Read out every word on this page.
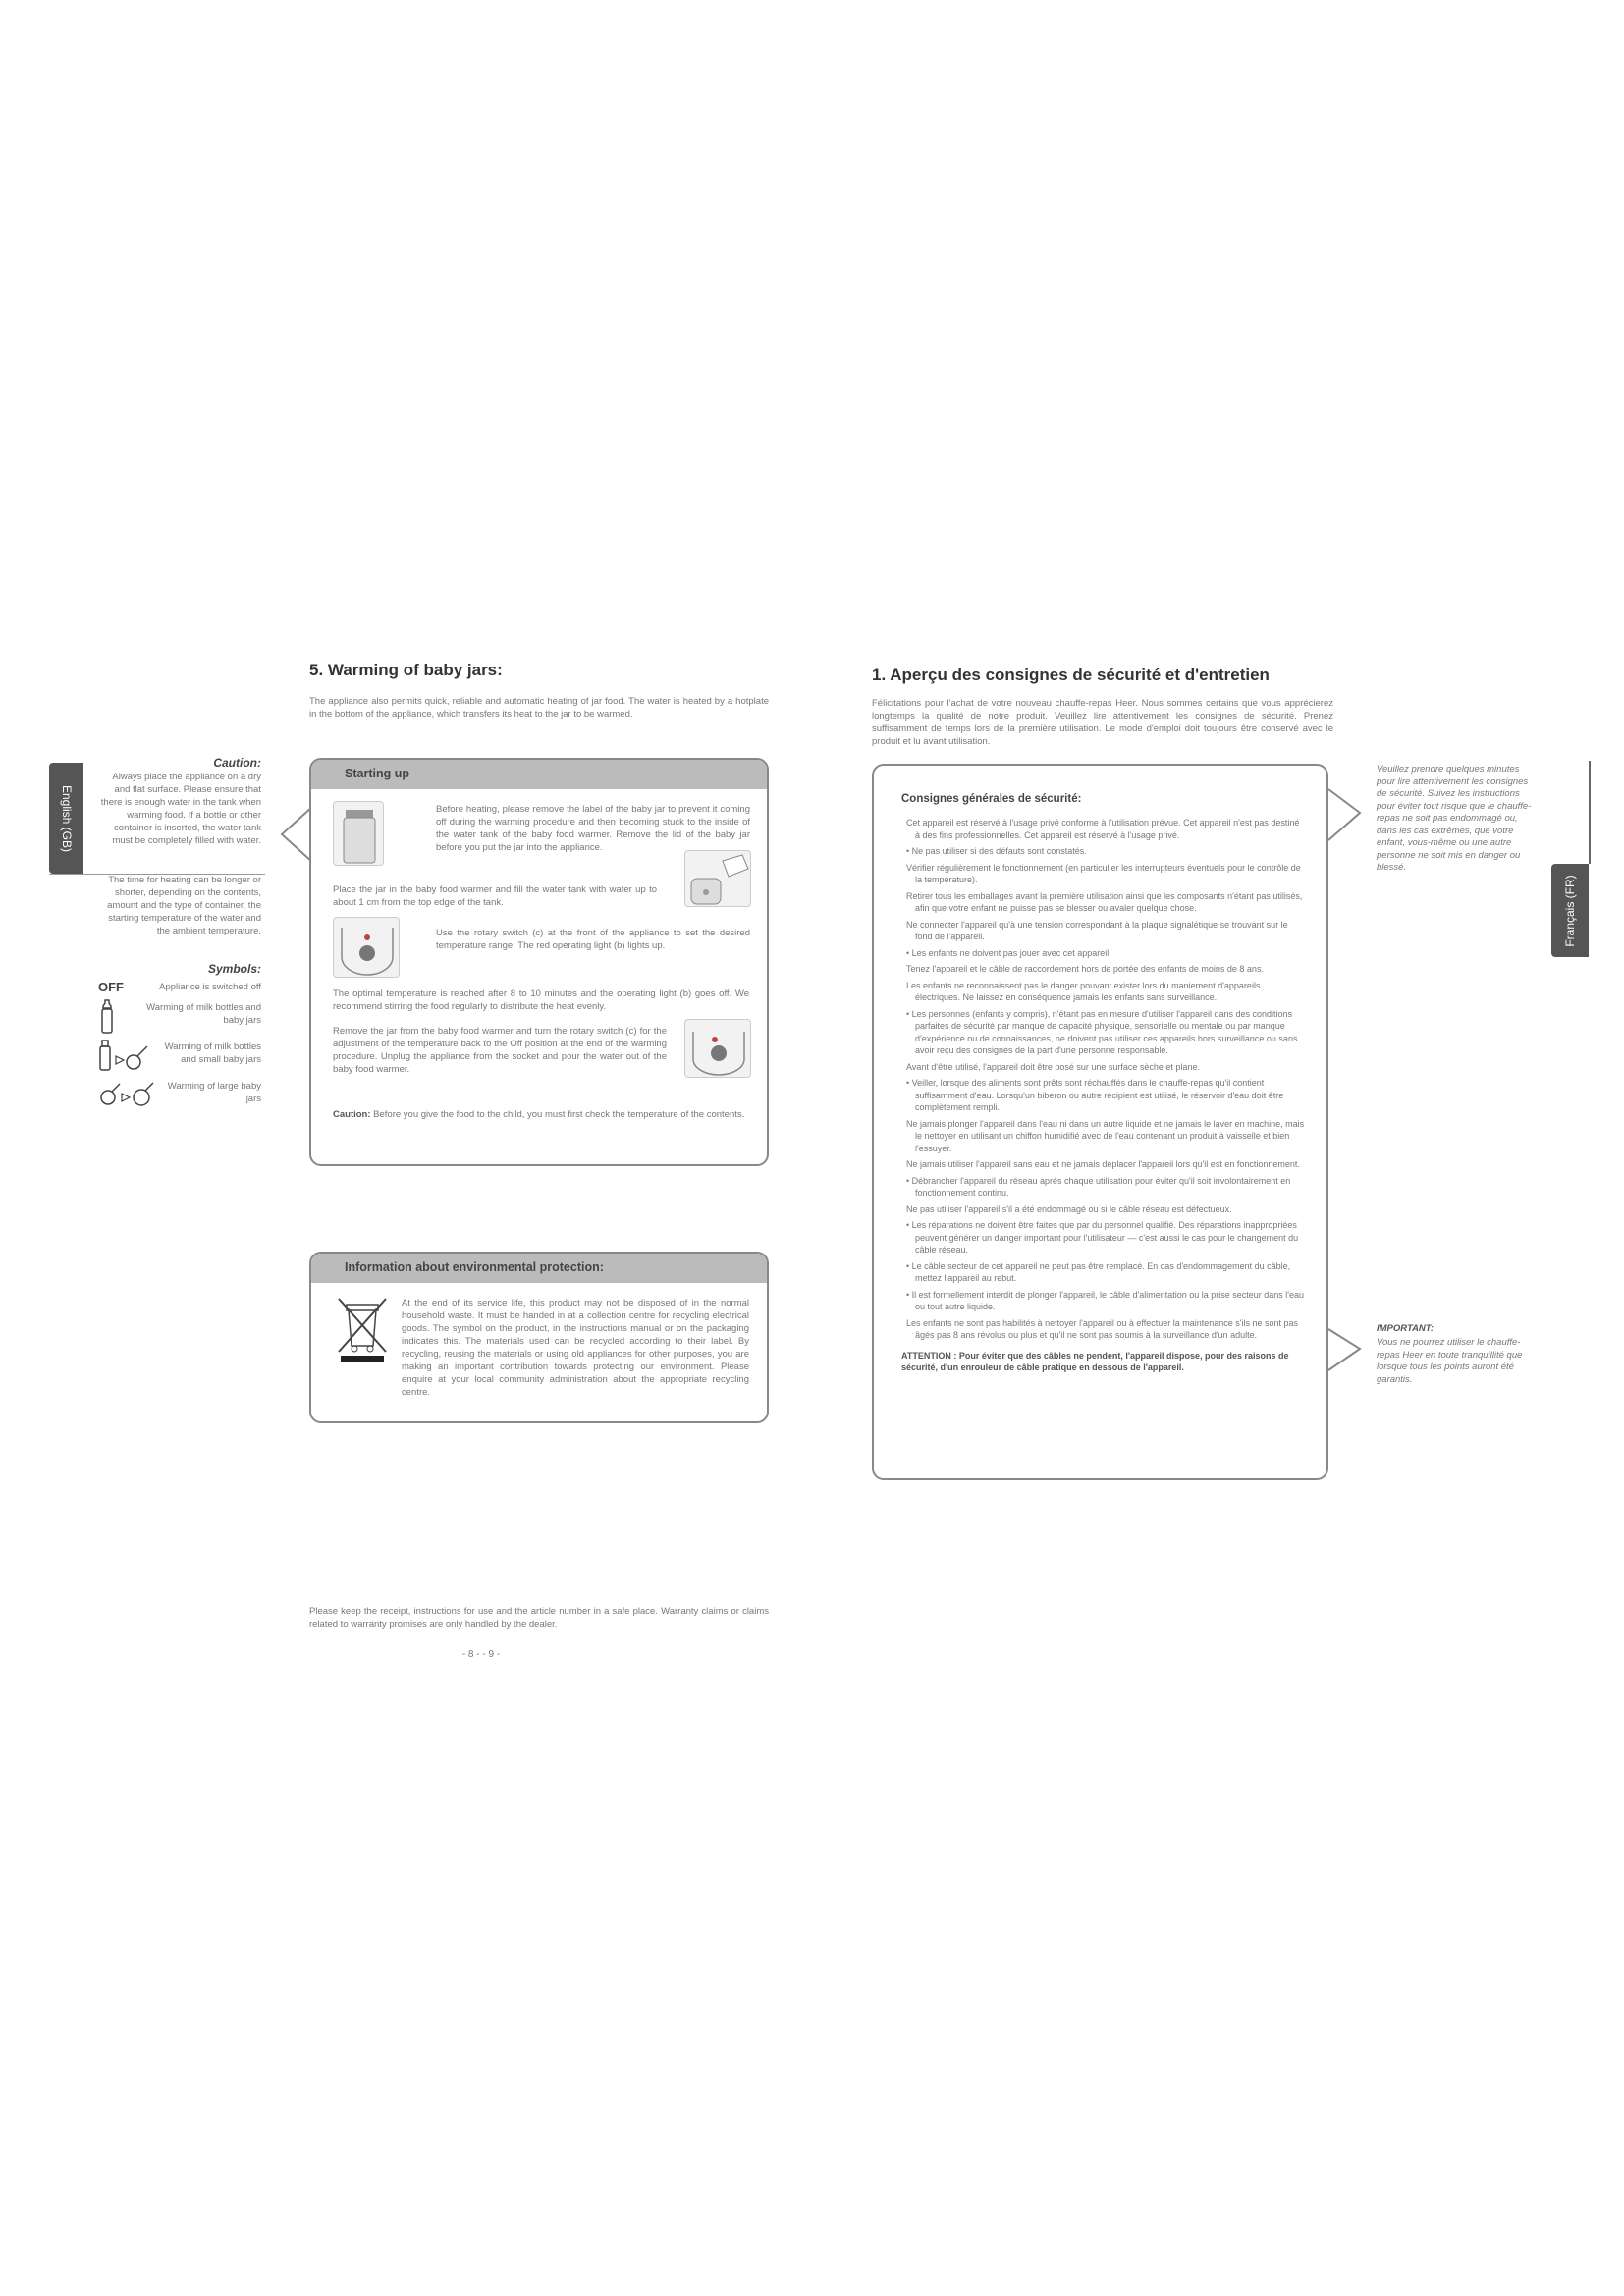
English (GB)
Caution:
Always place the appliance on a dry and flat surface. Please ensure that there is enough water in the tank when warming food. If a bottle or other container is inserted, the water tank must be completely filled with water.
The time for heating can be longer or shorter, depending on the contents, amount and the type of container, the starting temperature of the water and the ambient temperature.
Symbols:
OFF	Appliance is switched off
Warming of milk bottles and baby jars
Warming of milk bottles and small baby jars
Warming of large baby jars
5. Warming of baby jars:
The appliance also permits quick, reliable and automatic heating of jar food. The water is heated by a hotplate in the bottom of the appliance, which transfers its heat to the jar to be warmed.
Starting up
Before heating, please remove the label of the baby jar to prevent it coming off during the warming procedure and then becoming stuck to the inside of the water tank of the baby food warmer. Remove the lid of the baby jar before you put the jar into the appliance.
Place the jar in the baby food warmer and fill the water tank with water up to about 1 cm from the top edge of the tank.
Use the rotary switch (c) at the front of the appliance to set the desired temperature range. The red operating light (b) lights up.
The optimal temperature is reached after 8 to 10 minutes and the operating light (b) goes off. We recommend stirring the food regularly to distribute the heat evenly.
Remove the jar from the baby food warmer and turn the rotary switch (c) for the adjustment of the temperature back to the Off position at the end of the warming procedure. Unplug the appliance from the socket and pour the water out of the baby food warmer.
Caution: Before you give the food to the child, you must first check the temperature of the contents.
Information about environmental protection:
At the end of its service life, this product may not be disposed of in the normal household waste. It must be handed in at a collection centre for recycling electrical goods. The symbol on the product, in the instructions manual or on the packaging indicates this. The materials used can be recycled according to their label. By recycling, reusing the materials or using old appliances for other purposes, you are making an important contribution towards protecting our environment. Please enquire at your local community administration about the appropriate recycling centre.
Please keep the receipt, instructions for use and the article number in a safe place. Warranty claims or claims related to warranty promises are only handled by the dealer.
- 8 - - 9 -
Français (FR)
1. Aperçu des consignes de sécurité et d'entretien
Félicitations pour l'achat de votre nouveau chauffe-repas Heer. Nous sommes certains que vous apprécierez longtemps la qualité de notre produit. Veuillez lire attentivement les consignes de sécurité. Prenez suffisamment de temps lors de la première utilisation. Le mode d'emploi doit toujours être conservé avec le produit et lu avant utilisation.
Consignes générales de sécurité:
Cet appareil est réservé à l'usage privé conforme à l'utilisation prévue. Cet appareil n'est pas destiné à des fins professionnelles. Cet appareil est réservé à l'usage privé.
• Ne pas utiliser si des défauts sont constatés.
Vérifier régulièrement le fonctionnement (en particulier les interrupteurs éventuels pour le contrôle de la température).
Retirer tous les emballages avant la première utilisation ainsi que les composants n'étant pas utilisés, afin que votre enfant ne puisse pas se blesser ou avaler quelque chose.
Ne connecter l'appareil qu'à une tension correspondant à la plaque signalétique se trouvant sur le fond de l'appareil.
• Les enfants ne doivent pas jouer avec cet appareil.
Tenez l'appareil et le câble de raccordement hors de portée des enfants de moins de 8 ans.
Les enfants ne reconnaissent pas le danger pouvant exister lors du maniement d'appareils électriques. Ne laissez en conséquence jamais les enfants sans surveillance.
• Les personnes (enfants y compris), n'étant pas en mesure d'utiliser l'appareil dans des conditions parfaites de sécurité par manque de capacité physique, sensorielle ou mentale ou par manque d'expérience ou de connaissances, ne doivent pas utiliser ces appareils hors surveillance ou sans avoir reçu des consignes de la part d'une personne responsable.
Avant d'être utilisé, l'appareil doit être posé sur une surface sèche et plane.
• Veiller, lorsque des aliments sont prêts sont réchauffés dans le chauffe-repas qu'il contient suffisamment d'eau. Lorsqu'un biberon ou autre récipient est utilisé, le réservoir d'eau doit être complètement rempli.
Ne jamais plonger l'appareil dans l'eau ni dans un autre liquide et ne jamais le laver en machine, mais le nettoyer en utilisant un chiffon humidifié avec de l'eau contenant un produit à vaisselle et bien l'essuyer.
Ne jamais utiliser l'appareil sans eau et ne jamais déplacer l'appareil lors qu'il est en fonctionnement.
• Débrancher l'appareil du réseau après chaque utilisation pour éviter qu'il soit involontairement en fonctionnement continu.
Ne pas utiliser l'appareil s'il a été endommagé ou si le câble réseau est défectueux.
• Les réparations ne doivent être faites que par du personnel qualifié. Des réparations inappropriées peuvent générer un danger important pour l'utilisateur — c'est aussi le cas pour le changement du câble réseau.
• Le câble secteur de cet appareil ne peut pas être remplacé. En cas d'endommagement du câble, mettez l'appareil au rebut.
• Il est formellement interdit de plonger l'appareil, le câble d'alimentation ou la prise secteur dans l'eau ou tout autre liquide.
Les enfants ne sont pas habilités à nettoyer l'appareil ou à effectuer la maintenance s'ils ne sont pas âgés pas 8 ans révolus ou plus et qu'il ne sont pas soumis à la surveillance d'un adulte.
ATTENTION : Pour éviter que des câbles ne pendent, l'appareil dispose, pour des raisons de sécurité, d'un enrouleur de câble pratique en dessous de l'appareil.
Veuillez prendre quelques minutes pour lire attentivement les consignes de sécurité. Suivez les instructions pour éviter tout risque que le chauffe-repas ne soit pas endommagé ou, dans les cas extrêmes, que votre enfant, vous-même ou une autre personne ne soit mis en danger ou blessé.
IMPORTANT:
Vous ne pourrez utiliser le chauffe-repas Heer en toute tranquillité que lorsque tous les points auront été garantis.
